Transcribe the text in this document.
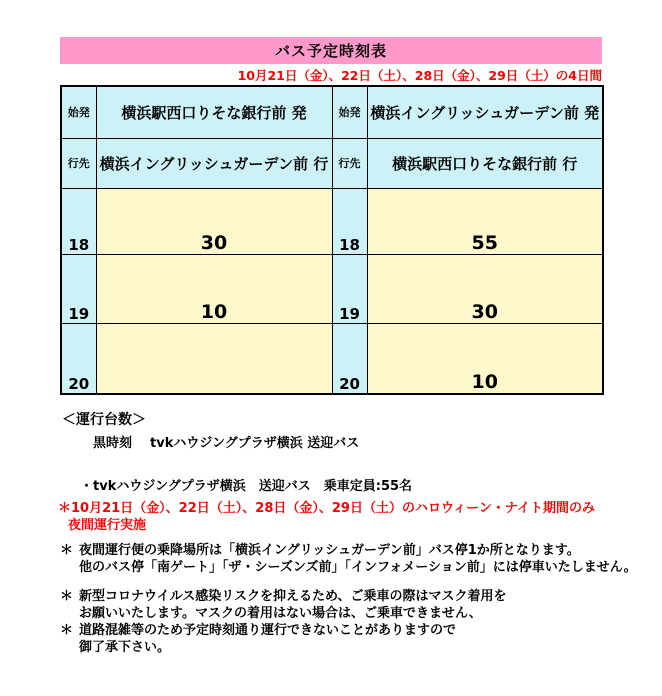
バス予定時刻表
10月21日（金）、22日（土）、28日（金）、29日（土）の4日間
始発	横浜駅西口りそな銀行前 発	始発	横浜イングリッシュガーデン前 発
行先	横浜イングリッシュガーデン前 行	行先	横浜駅西口りそな銀行前 行
18	30	18	55
19	10	19	30
20		20	10
＜運行台数＞
黒時刻 tvkハウジングプラザ横浜 送迎バス
・tvkハウジングプラザ横浜　送迎バス　乗車定員:55名
＊10月21日（金）、22日（土）、28日（金）、29日（土）のハロウィーン・ナイト期間のみ
夜間運行実施
＊ 夜間運行便の乗降場所は「横浜イングリッシュガーデン前」バス停1か所となります。
他のバス停「南ゲート」「ザ・シーズンズ前」「インフォメーション前」には停車いたしません。
＊ 新型コロナウイルス感染リスクを抑えるため、ご乗車の際はマスク着用を
お願いいたします。マスクの着用はない場合は、ご乗車できません、
＊ 道路混雑等のため予定時刻通り運行できないことがありますので
御了承下さい。
